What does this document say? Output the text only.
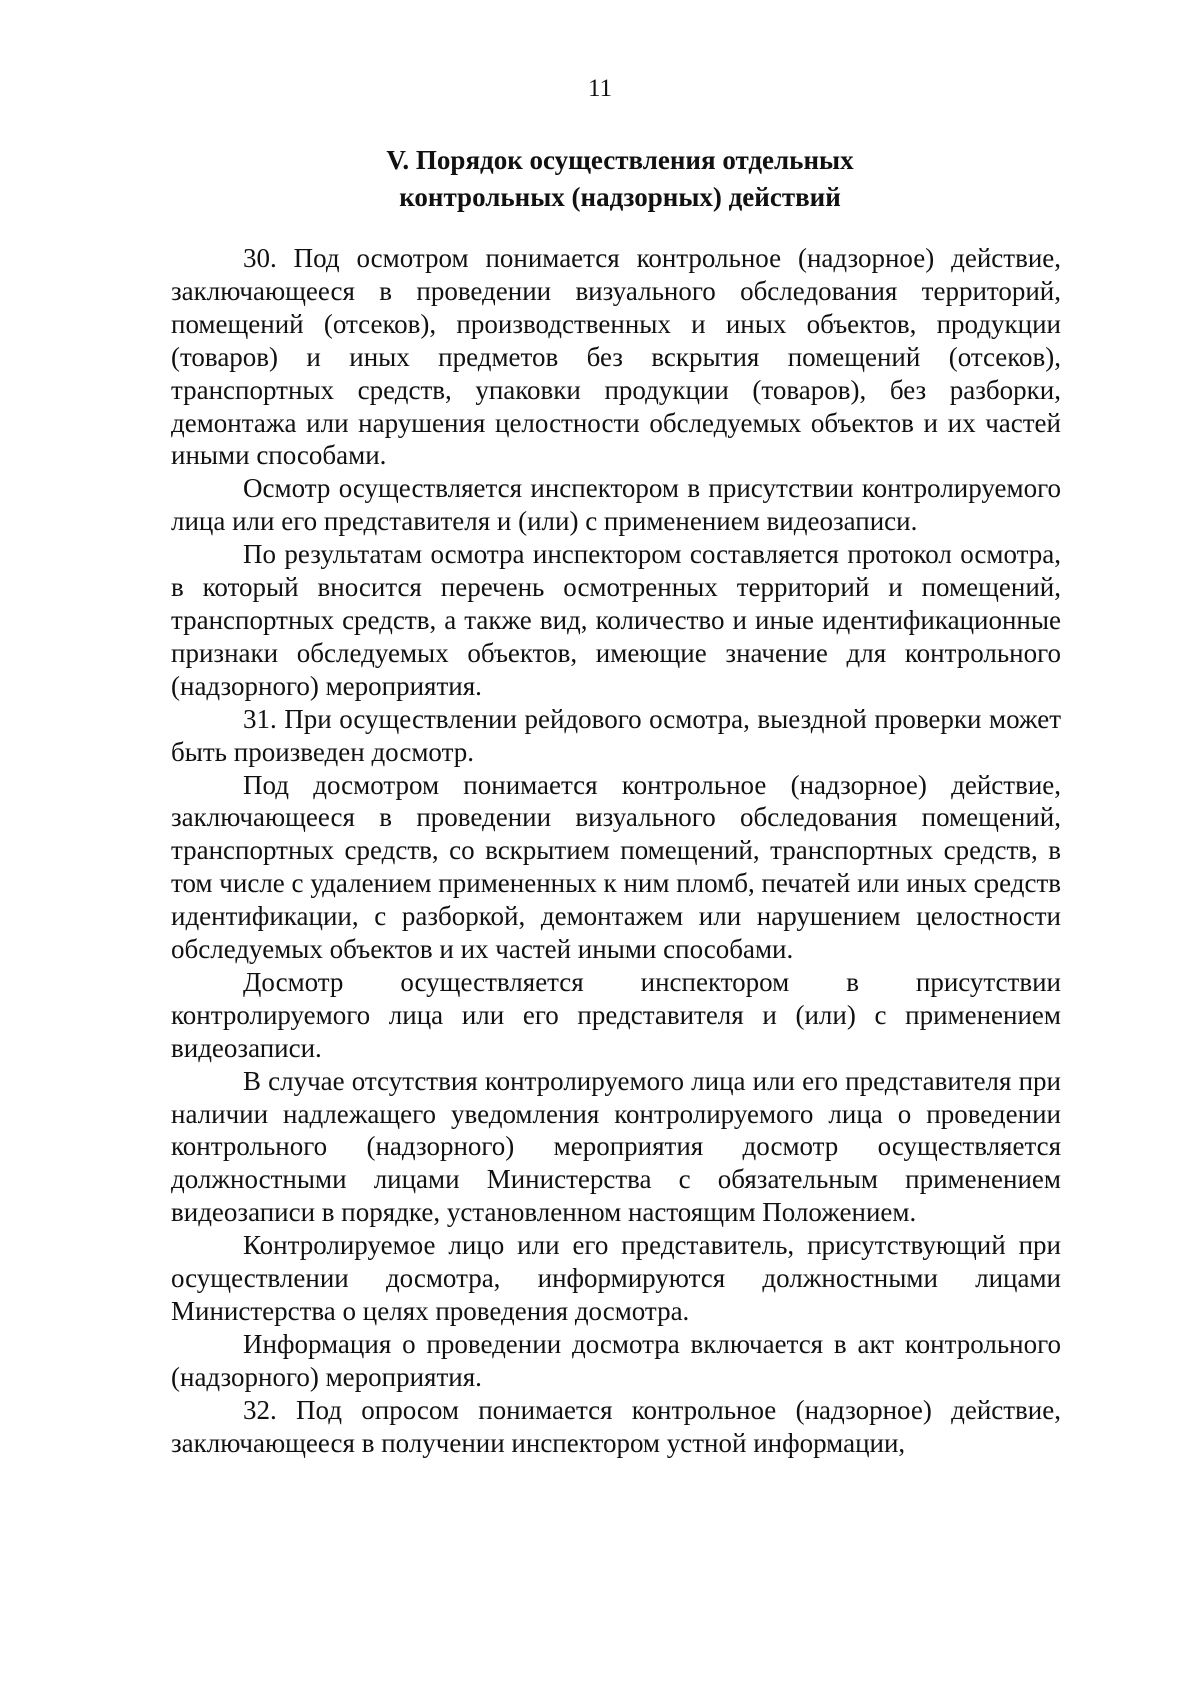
11
V. Порядок осуществления отдельных
контрольных (надзорных) действий

30. Под осмотром понимается контрольное (надзорное) действие, заключающееся в проведении визуального обследования территорий, помещений (отсеков), производственных и иных объектов, продукции (товаров) и иных предметов без вскрытия помещений (отсеков), транспортных средств, упаковки продукции (товаров), без разборки, демонтажа или нарушения целостности обследуемых объектов и их частей иными способами.

Осмотр осуществляется инспектором в присутствии контролируемого лица или его представителя и (или) с применением видеозаписи.

По результатам осмотра инспектором составляется протокол осмотра, в который вносится перечень осмотренных территорий и помещений, транспортных средств, а также вид, количество и иные идентификационные признаки обследуемых объектов, имеющие значение для контрольного (надзорного) мероприятия.

31. При осуществлении рейдового осмотра, выездной проверки может быть произведен досмотр.

Под досмотром понимается контрольное (надзорное) действие, заключающееся в проведении визуального обследования помещений, транспортных средств, со вскрытием помещений, транспортных средств, в том числе с удалением примененных к ним пломб, печатей или иных средств идентификации, с разборкой, демонтажем или нарушением целостности обследуемых объектов и их частей иными способами.

Досмотр осуществляется инспектором в присутствии контролируемого лица или его представителя и (или) с применением видеозаписи.

В случае отсутствия контролируемого лица или его представителя при наличии надлежащего уведомления контролируемого лица о проведении контрольного (надзорного) мероприятия досмотр осуществляется должностными лицами Министерства с обязательным применением видеозаписи в порядке, установленном настоящим Положением.

Контролируемое лицо или его представитель, присутствующий при осуществлении досмотра, информируются должностными лицами Министерства о целях проведения досмотра.

Информация о проведении досмотра включается в акт контрольного (надзорного) мероприятия.

32. Под опросом понимается контрольное (надзорное) действие, заключающееся в получении инспектором устной информации,
